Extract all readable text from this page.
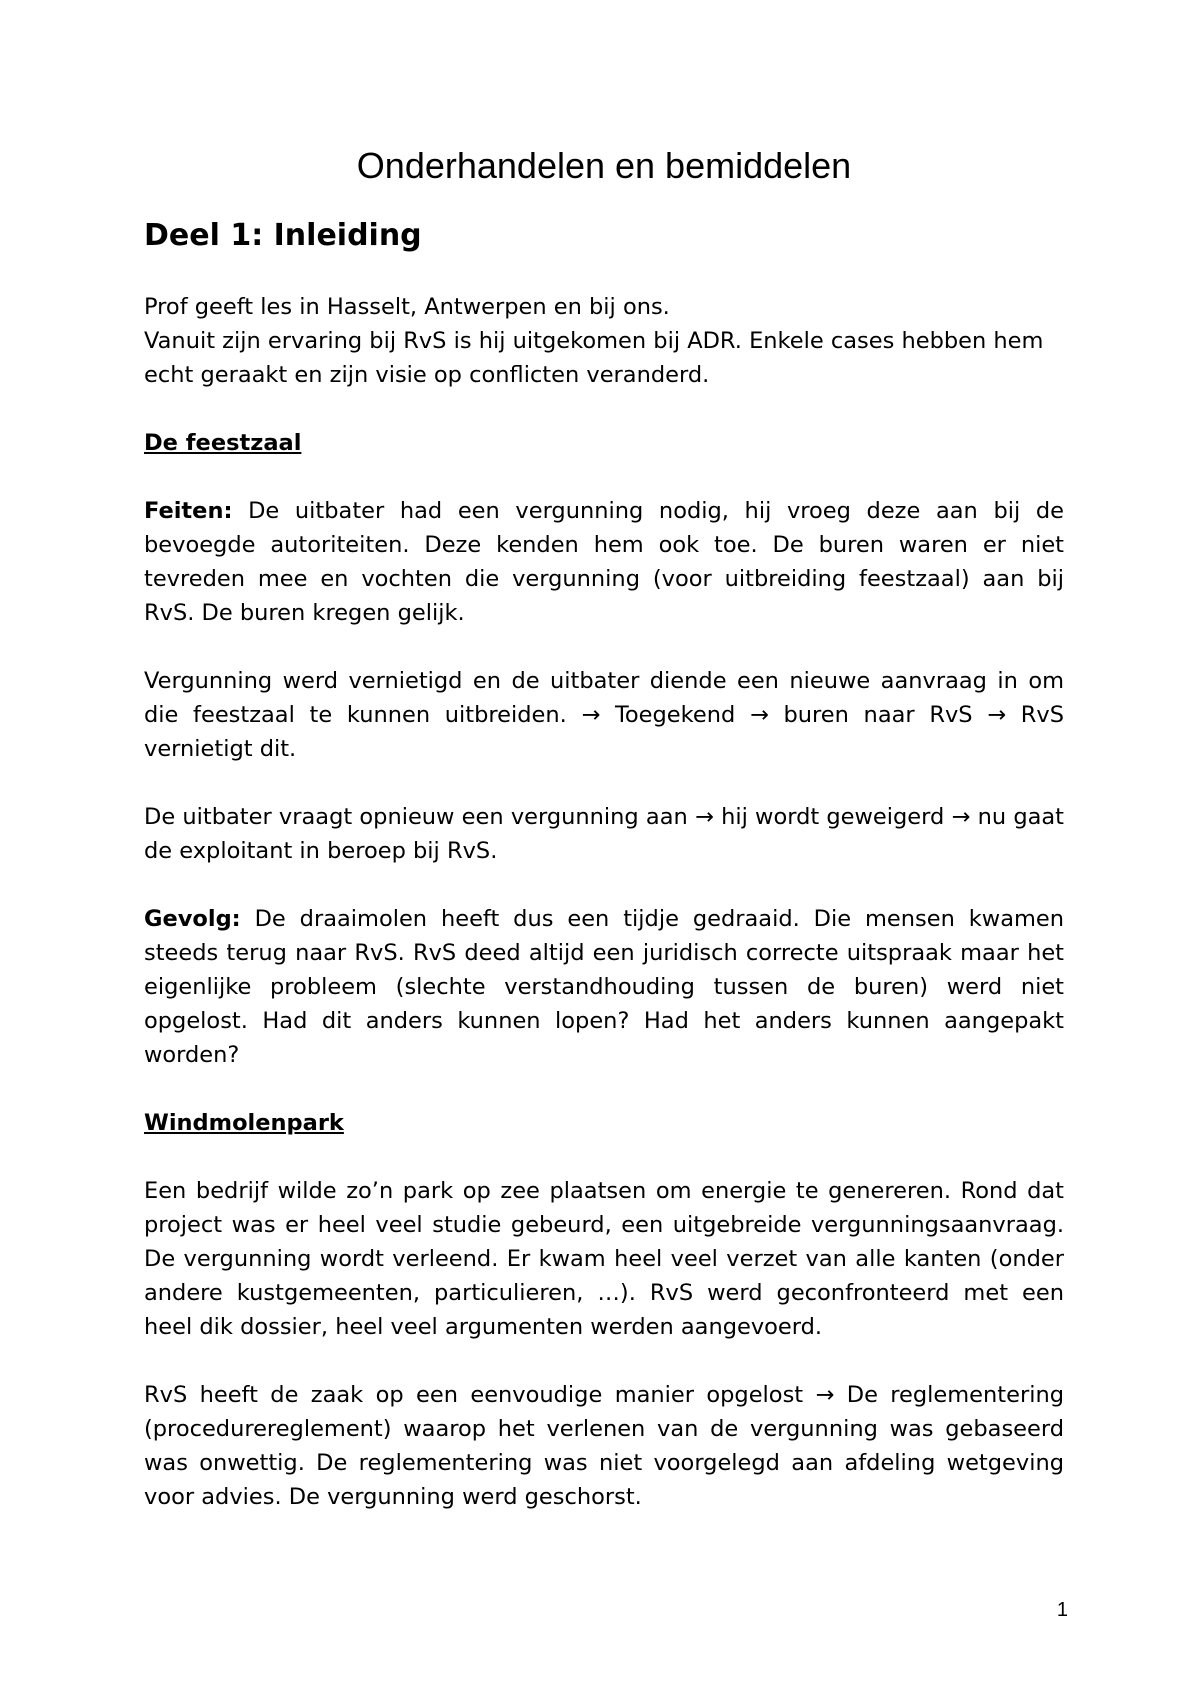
Onderhandelen en bemiddelen
Deel 1: Inleiding

Prof geeft les in Hasselt, Antwerpen en bij ons.
Vanuit zijn ervaring bij RvS is hij uitgekomen bij ADR. Enkele cases hebben hem echt geraakt en zijn visie op conflicten veranderd.

De feestzaal

Feiten: De uitbater had een vergunning nodig, hij vroeg deze aan bij de bevoegde autoriteiten. Deze kenden hem ook toe. De buren waren er niet tevreden mee en vochten die vergunning (voor uitbreiding feestzaal) aan bij RvS. De buren kregen gelijk.

Vergunning werd vernietigd en de uitbater diende een nieuwe aanvraag in om die feestzaal te kunnen uitbreiden. → Toegekend → buren naar RvS → RvS vernietigt dit.

De uitbater vraagt opnieuw een vergunning aan → hij wordt geweigerd → nu gaat de exploitant in beroep bij RvS.

Gevolg: De draaimolen heeft dus een tijdje gedraaid. Die mensen kwamen steeds terug naar RvS. RvS deed altijd een juridisch correcte uitspraak maar het eigenlijke probleem (slechte verstandhouding tussen de buren) werd niet opgelost. Had dit anders kunnen lopen? Had het anders kunnen aangepakt worden?

Windmolenpark

Een bedrijf wilde zo’n park op zee plaatsen om energie te genereren. Rond dat project was er heel veel studie gebeurd, een uitgebreide vergunningsaanvraag. De vergunning wordt verleend. Er kwam heel veel verzet van alle kanten (onder andere kustgemeenten, particulieren, …). RvS werd geconfronteerd met een heel dik dossier, heel veel argumenten werden aangevoerd.

RvS heeft de zaak op een eenvoudige manier opgelost → De reglementering (procedurereglement) waarop het verlenen van de vergunning was gebaseerd was onwettig. De reglementering was niet voorgelegd aan afdeling wetgeving voor advies. De vergunning werd geschorst.

1
